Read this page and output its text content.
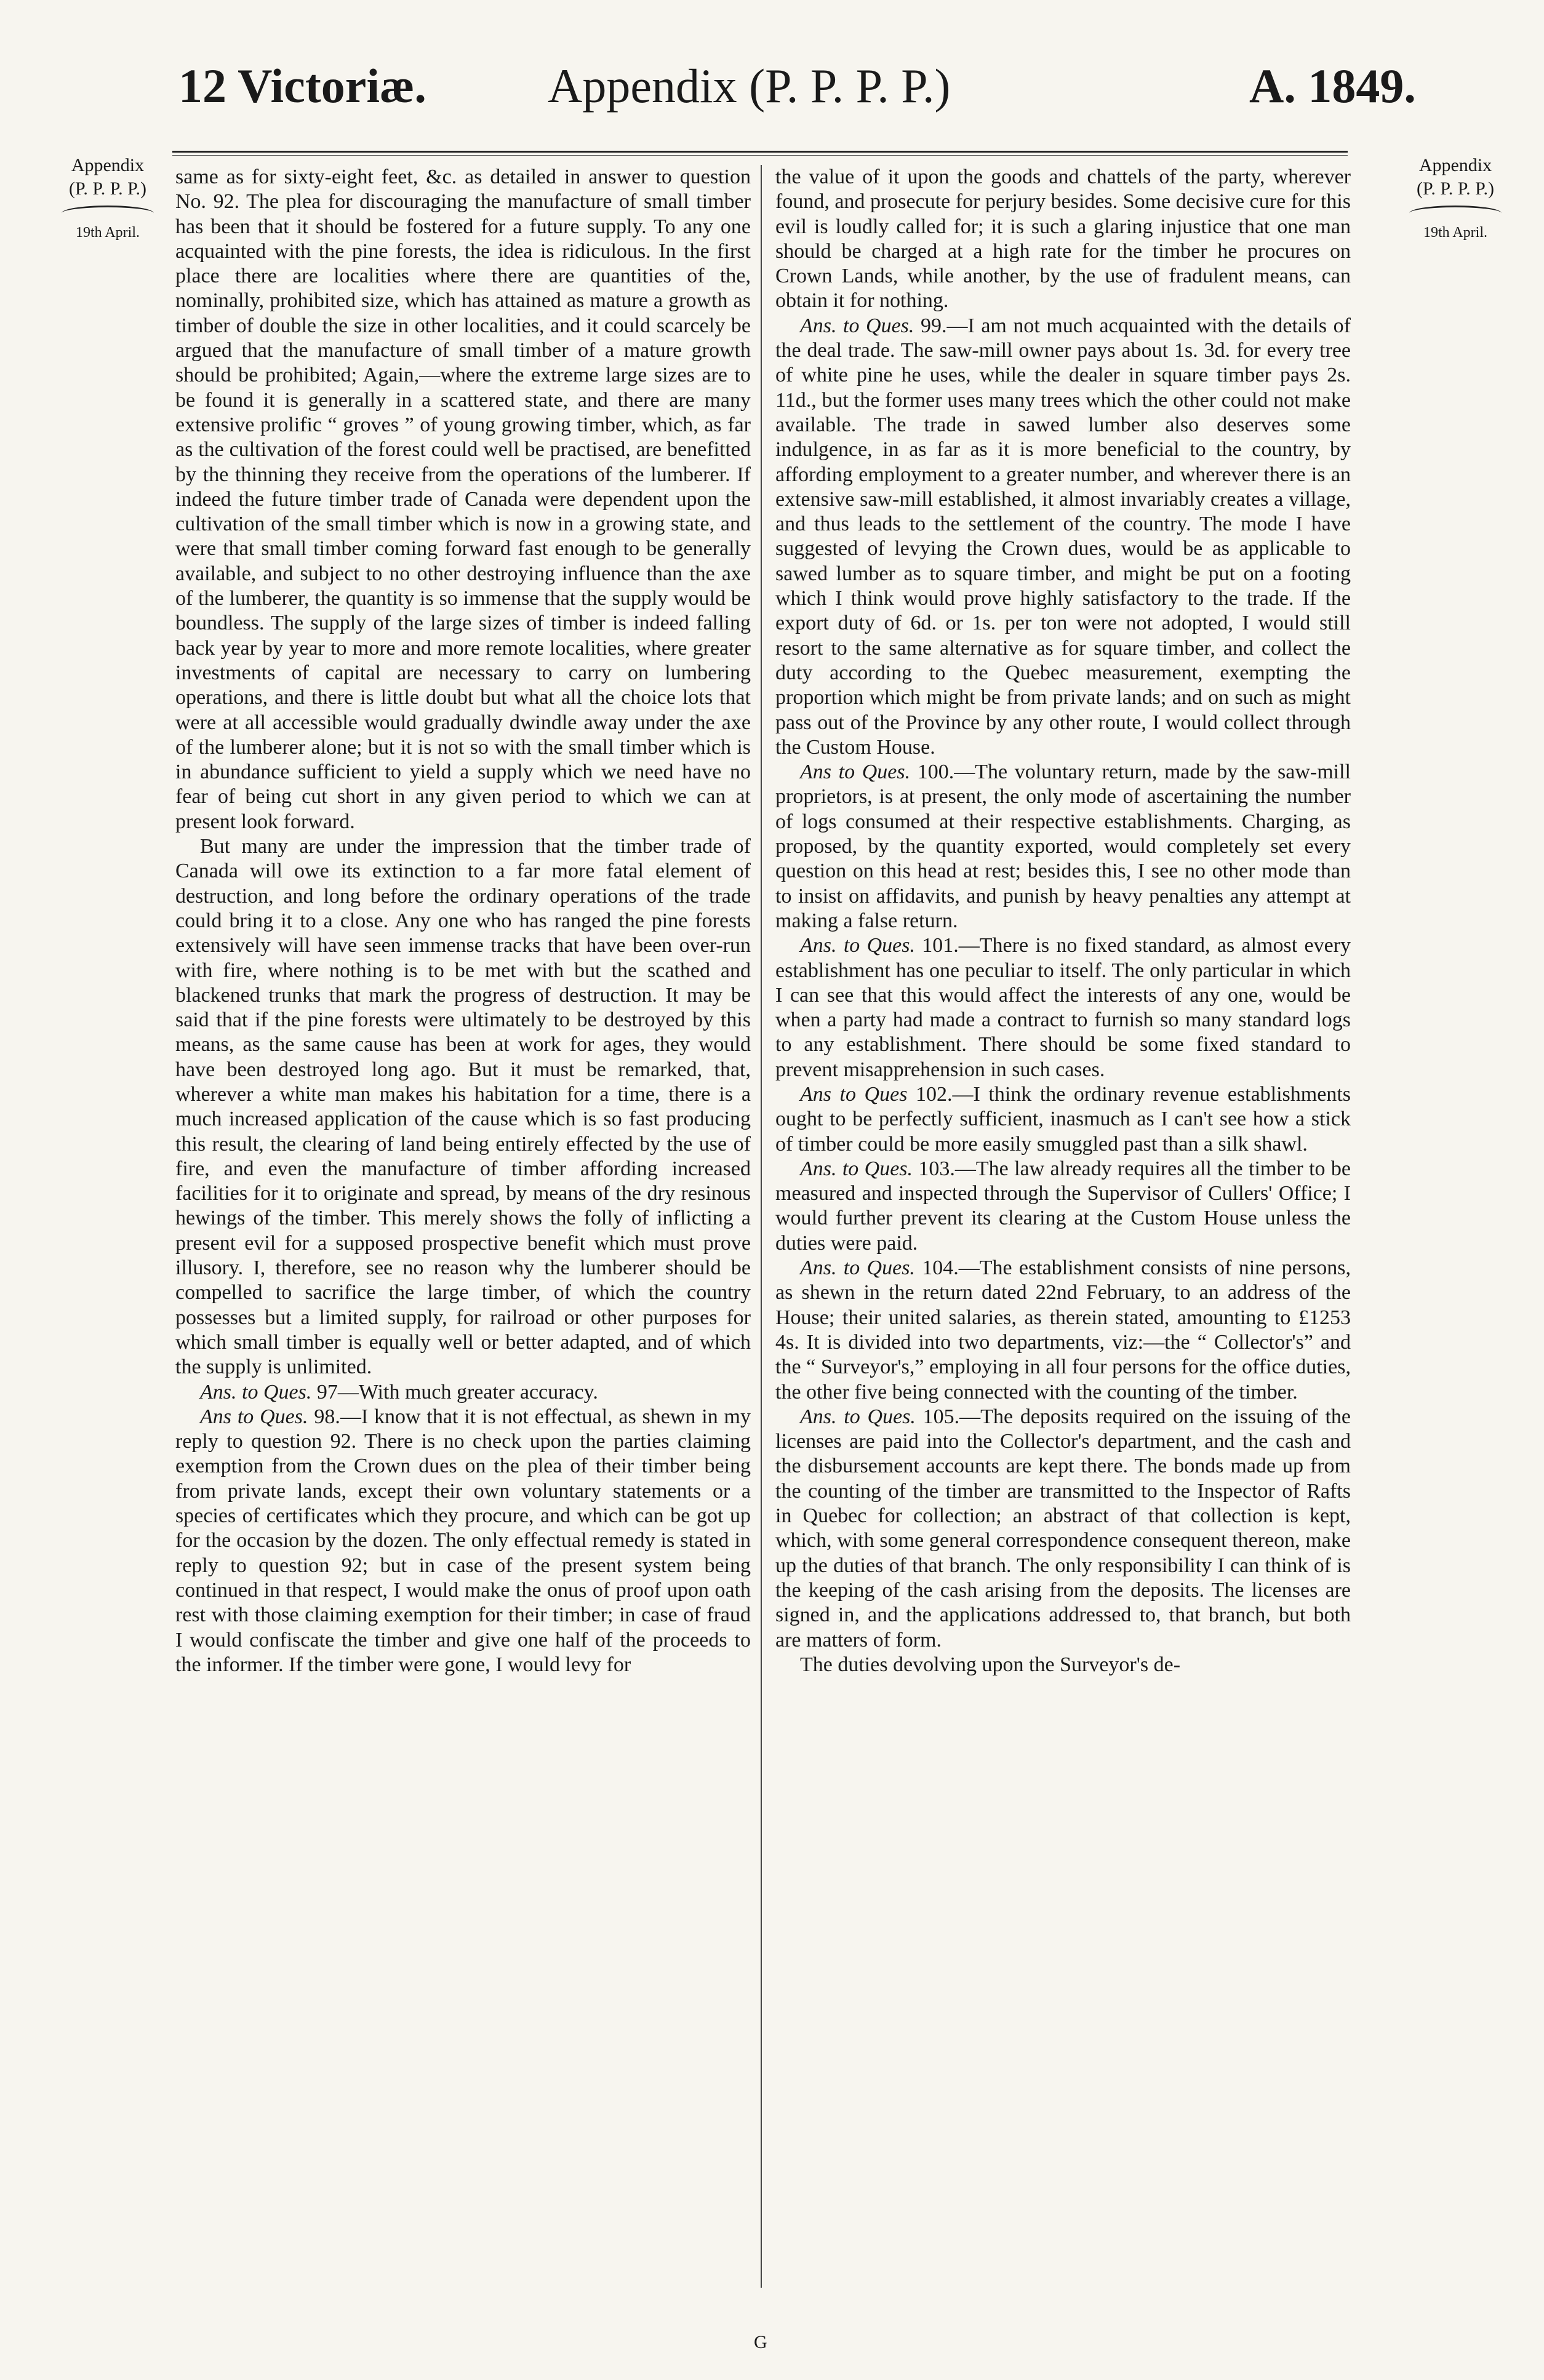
12 Victoriæ.	Appendix (P. P. P. P.)	A. 1849.
Appendix
(P. P. P. P.)
19th April.
Appendix
(P. P. P. P.)
19th April.

same as for sixty-eight feet, &c. as detailed in answer to question No. 92. The plea for discouraging the manufacture of small timber has been that it should be fostered for a future supply. To any one acquainted with the pine forests, the idea is ridiculous. In the first place there are localities where there are quantities of the, nominally, prohibited size, which has attained as mature a growth as timber of double the size in other localities, and it could scarcely be argued that the manufacture of small timber of a mature growth should be prohibited; Again,—where the extreme large sizes are to be found it is generally in a scattered state, and there are many extensive prolific “ groves ” of young growing timber, which, as far as the cultivation of the forest could well be practised, are benefitted by the thinning they receive from the operations of the lumberer. If indeed the future timber trade of Canada were dependent upon the cultivation of the small timber which is now in a growing state, and were that small timber coming forward fast enough to be generally available, and subject to no other destroying influence than the axe of the lumberer, the quantity is so immense that the supply would be boundless. The supply of the large sizes of timber is indeed falling back year by year to more and more remote localities, where greater investments of capital are necessary to carry on lumbering operations, and there is little doubt but what all the choice lots that were at all accessible would gradually dwindle away under the axe of the lumberer alone; but it is not so with the small timber which is in abundance sufficient to yield a supply which we need have no fear of being cut short in any given period to which we can at present look forward.

But many are under the impression that the timber trade of Canada will owe its extinction to a far more fatal element of destruction, and long before the ordinary operations of the trade could bring it to a close. Any one who has ranged the pine forests extensively will have seen immense tracks that have been over-run with fire, where nothing is to be met with but the scathed and blackened trunks that mark the progress of destruction. It may be said that if the pine forests were ultimately to be destroyed by this means, as the same cause has been at work for ages, they would have been destroyed long ago. But it must be remarked, that, wherever a white man makes his habitation for a time, there is a much increased application of the cause which is so fast producing this result, the clearing of land being entirely effected by the use of fire, and even the manufacture of timber affording increased facilities for it to originate and spread, by means of the dry resinous hewings of the timber. This merely shows the folly of inflicting a present evil for a supposed prospective benefit which must prove illusory. I, therefore, see no reason why the lumberer should be compelled to sacrifice the large timber, of which the country possesses but a limited supply, for railroad or other purposes for which small timber is equally well or better adapted, and of which the supply is unlimited.

Ans. to Ques. 97—With much greater accuracy.

Ans to Ques. 98.—I know that it is not effectual, as shewn in my reply to question 92. There is no check upon the parties claiming exemption from the Crown dues on the plea of their timber being from private lands, except their own voluntary statements or a species of certificates which they procure, and which can be got up for the occasion by the dozen. The only effectual remedy is stated in reply to question 92; but in case of the present system being continued in that respect, I would make the onus of proof upon oath rest with those claiming exemption for their timber; in case of fraud I would confiscate the timber and give one half of the proceeds to the informer. If the timber were gone, I would levy for

the value of it upon the goods and chattels of the party, wherever found, and prosecute for perjury besides. Some decisive cure for this evil is loudly called for; it is such a glaring injustice that one man should be charged at a high rate for the timber he procures on Crown Lands, while another, by the use of fradulent means, can obtain it for nothing.

Ans. to Ques. 99.—I am not much acquainted with the details of the deal trade. The saw-mill owner pays about 1s. 3d. for every tree of white pine he uses, while the dealer in square timber pays 2s. 11d., but the former uses many trees which the other could not make available. The trade in sawed lumber also deserves some indulgence, in as far as it is more beneficial to the country, by affording employment to a greater number, and wherever there is an extensive saw-mill established, it almost invariably creates a village, and thus leads to the settlement of the country. The mode I have suggested of levying the Crown dues, would be as applicable to sawed lumber as to square timber, and might be put on a footing which I think would prove highly satisfactory to the trade. If the export duty of 6d. or 1s. per ton were not adopted, I would still resort to the same alternative as for square timber, and collect the duty according to the Quebec measurement, exempting the proportion which might be from private lands; and on such as might pass out of the Province by any other route, I would collect through the Custom House.

Ans to Ques. 100.—The voluntary return, made by the saw-mill proprietors, is at present, the only mode of ascertaining the number of logs consumed at their respective establishments. Charging, as proposed, by the quantity exported, would completely set every question on this head at rest; besides this, I see no other mode than to insist on affidavits, and punish by heavy penalties any attempt at making a false return.

Ans. to Ques. 101.—There is no fixed standard, as almost every establishment has one peculiar to itself. The only particular in which I can see that this would affect the interests of any one, would be when a party had made a contract to furnish so many standard logs to any establishment. There should be some fixed standard to prevent misapprehension in such cases.

Ans to Ques 102.—I think the ordinary revenue establishments ought to be perfectly sufficient, inasmuch as I can't see how a stick of timber could be more easily smuggled past than a silk shawl.

Ans. to Ques. 103.—The law already requires all the timber to be measured and inspected through the Supervisor of Cullers' Office; I would further prevent its clearing at the Custom House unless the duties were paid.

Ans. to Ques. 104.—The establishment consists of nine persons, as shewn in the return dated 22nd February, to an address of the House; their united salaries, as therein stated, amounting to £1253 4s. It is divided into two departments, viz:—the “ Collector's” and the “ Surveyor's,” employing in all four persons for the office duties, the other five being connected with the counting of the timber.

Ans. to Ques. 105.—The deposits required on the issuing of the licenses are paid into the Collector's department, and the cash and the disbursement accounts are kept there. The bonds made up from the counting of the timber are transmitted to the Inspector of Rafts in Quebec for collection; an abstract of that collection is kept, which, with some general correspondence consequent thereon, make up the duties of that branch. The only responsibility I can think of is the keeping of the cash arising from the deposits. The licenses are signed in, and the applications addressed to, that branch, but both are matters of form.

The duties devolving upon the Surveyor's de-

G
